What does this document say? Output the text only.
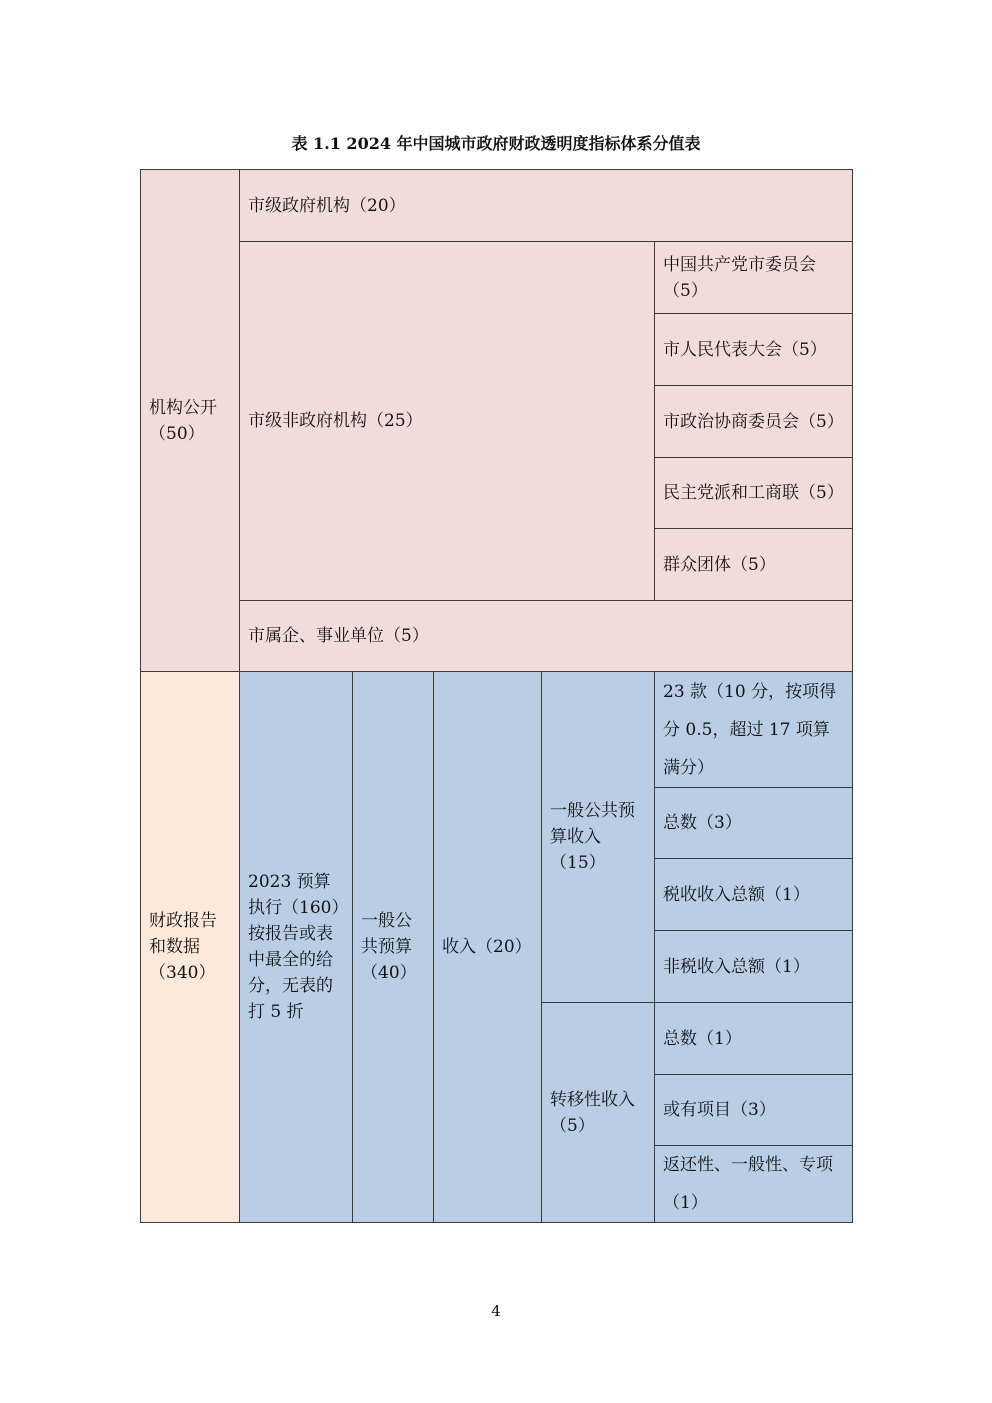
表 1.1 2024 年中国城市政府财政透明度指标体系分值表
机构公开（50）	市级政府机构（20）				
	市级非政府机构（25）				中国共产党市委员会（5）
					市人民代表大会（5）
					市政治协商委员会（5）
					民主党派和工商联（5）
					群众团体（5）
	市属企、事业单位（5）				
财政报告和数据（340）	2023 预算执行（160）按报告或表中最全的给分，无表的打 5 折	一般公共预算（40）	收入（20）	一般公共预算收入（15）	23 款（10 分，按项得分 0.5，超过 17 项算满分）
					总数（3）
					税收收入总额（1）
					非税收入总额（1）
				转移性收入（5）	总数（1）
					或有项目（3）
					返还性、一般性、专项（1）
4
